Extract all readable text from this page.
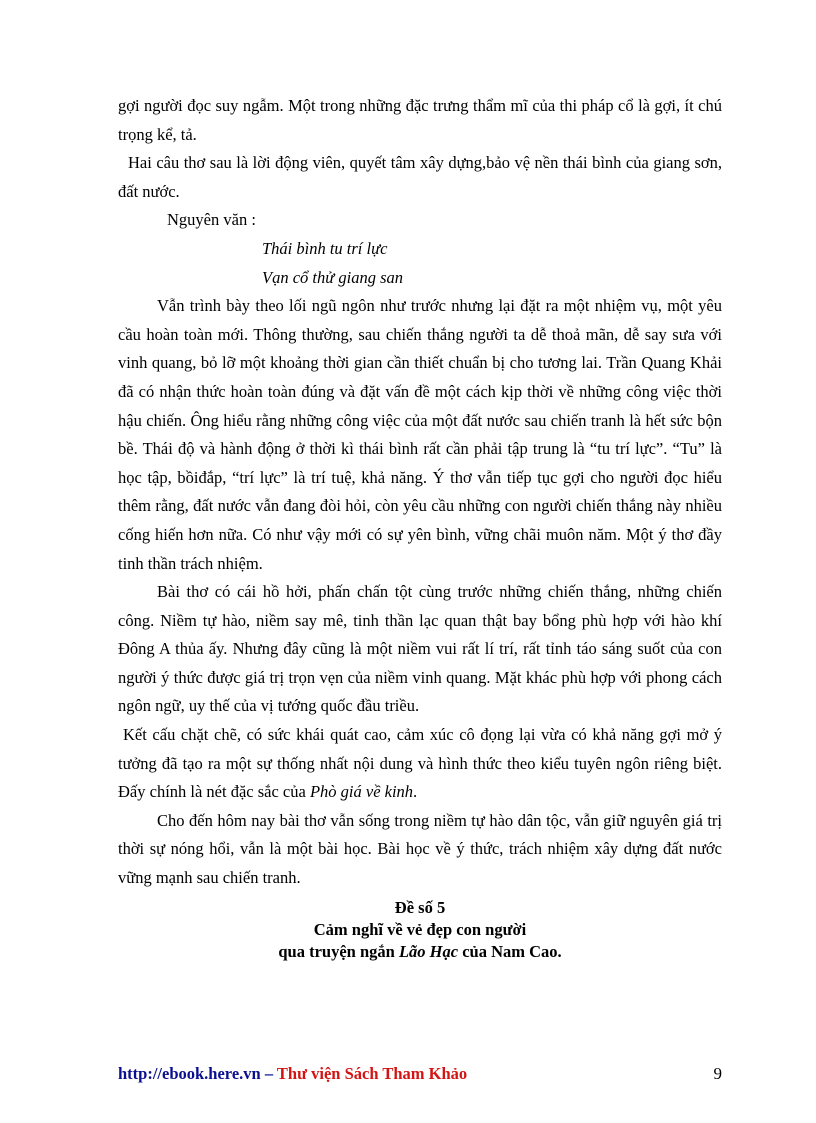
gợi người đọc suy ngẫm. Một trong những đặc trưng thẩm mĩ của thi pháp cổ là gợi, ít chú trọng kể, tả.

Hai câu thơ sau là lời động viên, quyết tâm xây dựng,bảo vệ nền thái bình của giang sơn, đất nước.

Nguyên văn :

Thái bình tu trí lực

Vạn cổ thử giang san

Vẫn trình bày theo lối ngũ ngôn như trước nhưng lại đặt ra một nhiệm vụ, một yêu cầu hoàn toàn mới. Thông thường, sau chiến thắng người ta dễ thoả mãn, dễ say sưa với vinh quang, bỏ lỡ một khoảng thời gian cần thiết chuẩn bị cho tương lai. Trần Quang Khải đã có nhận thức hoàn toàn đúng và đặt vấn đề một cách kịp thời về những công việc thời hậu chiến. Ông hiểu rằng những công việc của một đất nước sau chiến tranh là hết sức bộn bề. Thái độ và hành động ở thời kì thái bình rất cần phải tập trung là “tu trí lực”. “Tu” là học tập, bồiđắp, “trí lực” là trí tuệ, khả năng. Ý thơ vẫn tiếp tục gợi cho người đọc hiểu thêm rằng, đất nước vẫn đang đòi hỏi, còn yêu cầu những con người chiến thắng này nhiều cống hiến hơn nữa. Có như vậy mới có sự yên bình, vững chãi muôn năm. Một ý thơ đầy tinh thần trách nhiệm.

Bài thơ có cái hồ hởi, phấn chấn tột cùng trước những chiến thắng, những chiến công. Niềm tự hào, niềm say mê, tinh thần lạc quan thật bay bổng phù hợp với hào khí Đông A thủa ấy. Nhưng đây cũng là một niềm vui rất lí trí, rất tỉnh táo sáng suốt của con người ý thức được giá trị trọn vẹn của niềm vinh quang. Mặt khác phù hợp với phong cách ngôn ngữ, uy thế của vị tướng quốc đầu triều.

Kết cấu chặt chẽ, có sức khái quát cao, cảm xúc cô đọng lại vừa có khả năng gợi mở ý tưởng đã tạo ra một sự thống nhất nội dung và hình thức theo kiểu tuyên ngôn riêng biệt. Đấy chính là nét đặc sắc của Phò giá về kinh.

Cho đến hôm nay bài thơ vẫn sống trong niềm tự hào dân tộc, vẫn giữ nguyên giá trị thời sự nóng hổi, vẫn là một bài học. Bài học về ý thức, trách nhiệm xây dựng đất nước vững mạnh sau chiến tranh.

Đề số 5
Cảm nghĩ về vẻ đẹp con người
qua truyện ngắn Lão Hạc của Nam Cao.
http://ebook.here.vn – Thư viện Sách Tham Khảo	9
